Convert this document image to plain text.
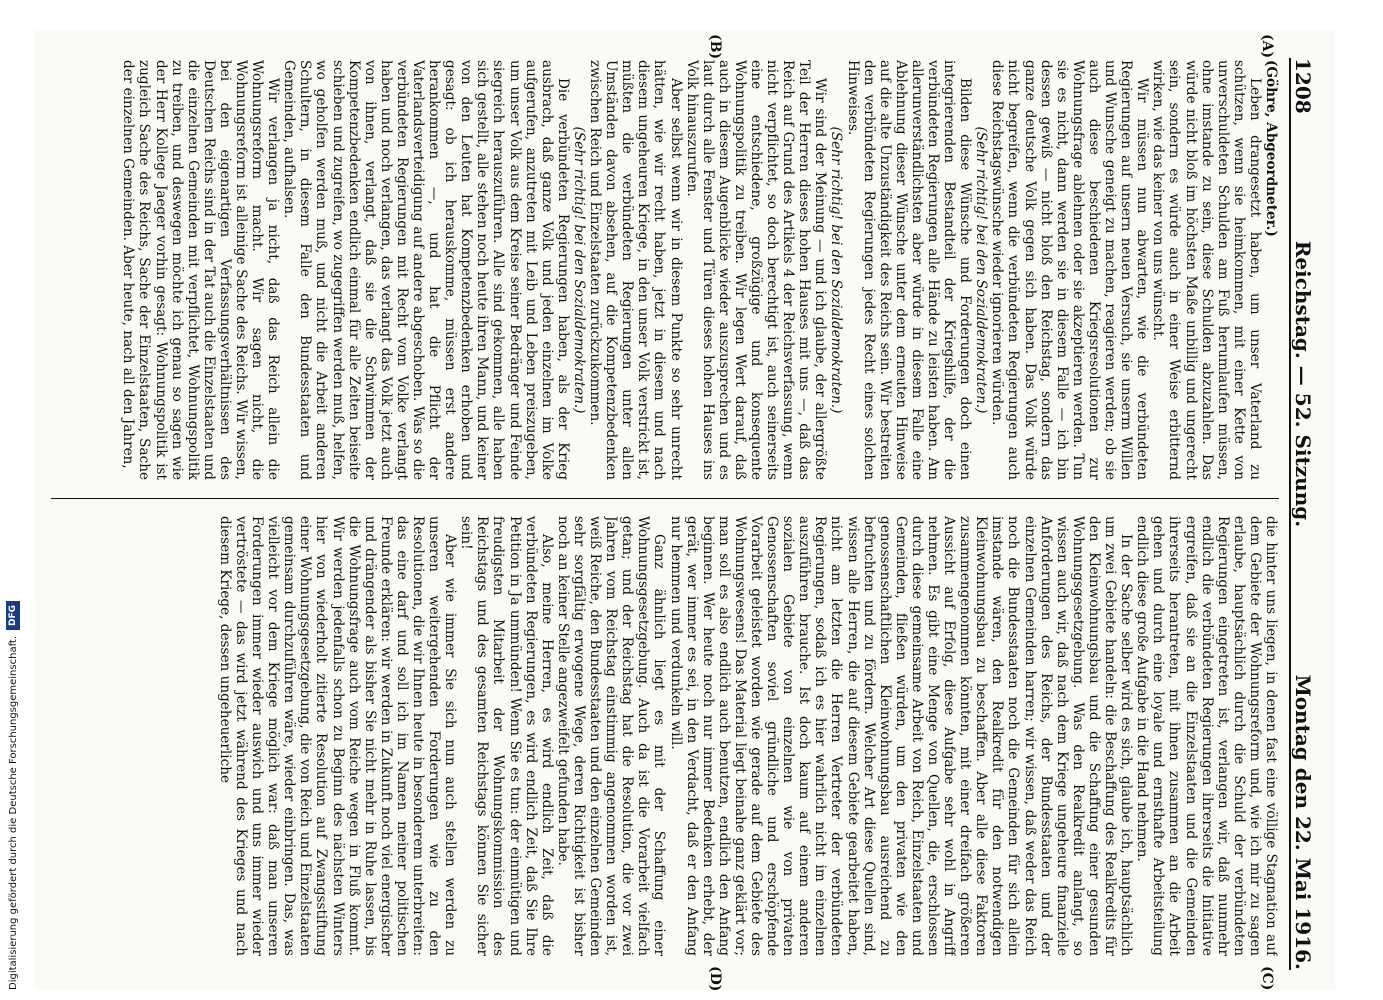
1208
Reichstag. — 52. Sitzung.
Montag den 22. Mai 1916.
(A)
(B)
(C)
(D)

(Göhre, Abgeordneter.)

Leben drangesetzt haben, um unser Vaterland zu schützen, wenn sie heimkommen, mit einer Kette von unverschuldeten Schulden am Fuß herumlaufen müssen, ohne imstande zu sein, diese Schulden abzuzahlen. Das würde nicht bloß im höchsten Maße unbillig und ungerecht sein, sondern es würde auch in einer Weise erbitternd wirken, wie das keiner von uns wünscht.

Wir müssen nun abwarten, wie die verbündeten Regierungen auf unsern neuen Versuch, sie unserm Willen und Wunsche geneigt zu machen, reagieren werden; ob sie auch diese beschiedenen Kriegsresolutionen zur Wohnungsfrage ablehnen oder sie akzeptieren werden. Tun sie es nicht, dann werden sie in diesem Falle — ich bin dessen gewiß — nicht bloß den Reichstag, sondern das ganze deutsche Volk gegen sich haben. Das Volk würde nicht begreifen, wenn die verbündeten Regierungen auch diese Reichstagswünsche wieder ignorieren würden.

(Sehr richtig! bei den Sozialdemokraten.)

Bilden diese Wünsche und Forderungen doch einen integrierenden Bestandteil der Kriegshilfe, der die verbündeten Regierungen alle Hände zu leisten haben. Am allerunverständlichsten aber würde in diesem Falle eine Ablehnung dieser Wünsche unter dem erneuten Hinweise auf die alte Unzuständigkeit des Reichs sein. Wir bestreiten den verbündeten Regierungen jedes Recht eines solchen Hinweises.

(Sehr richtig! bei den Sozialdemokraten.)

Wir sind der Meinung — und ich glaube, der allergrößte Teil der Herren dieses hohen Hauses mit uns —, daß das Reich auf Grund des Artikels 4 der Reichsverfassung, wenn nicht verpflichtet, so doch berechtigt ist, auch seinerseits eine entschiedene, großzügige und konsequente Wohnungspolitik zu treiben. Wir legen Wert darauf, daß auch in diesem Augenblicke wieder auszusprechen und es laut durch alle Fenster und Türen dieses hohen Hauses ins Volk hinauszurufen.

Aber selbst wenn wir in diesem Punkte so sehr unrecht hätten, wie wir recht haben, jetzt in diesem und nach diesem ungeheuren Kriege, in den unser Volk verstrickt ist, müßten die verbündeten Regierungen unter allen Umständen davon absehen, auf die Kompetenzbedenken zwischen Reich und Einzelstaaten zurückzukommen.

(Sehr richtig! bei den Sozialdemokraten.)

Die verbündeten Regierungen haben, als der Krieg ausbrach, daß ganze Volk und jeden einzelnen im Volke aufgerufen, anzutreten mit Leib und Leben preiszugeben, um unser Volk aus dem Kreise seiner Bedränger und Feinde siegreich herauszuführen. Alle sind gekommen, alle haben sich gestellt, alle stehen noch heute ihren Mann, und keiner von den Leuten hat Kompetenzbedenken erhoben und gesagt: ob ich herauskomme, müssen erst andere herankommen —, und hat die Pflicht der Vaterlandsverteidigung auf andere abgeschoben. Was so die verbündeten Regierungen mit Recht vom Volke verlangt haben und noch verlangen, das verlangt das Volk jetzt auch von ihnen, verlangt, daß sie die Schwimmen der Kompetenzbedenken endlich einmal für alle Zeiten beiseite schieben und zugreifen, wo zugegriffen werden muß, helfen, wo geholfen werden muß, und nicht die Arbeit anderen Schultern, in diesem Falle den Bundesstaaten und Gemeinden, aufhalsen.

Wir verlangen ja nicht, daß das Reich allein die Wohnungsreform macht. Wir sagen nicht, die Wohnungsreform ist alleinige Sache des Reichs. Wir wissen, bei den eigenartigen Verfassungsverhältnissen des Deutschen Reichs sind in der Tat auch die Einzelstaaten und die einzelnen Gemeinden mit verpflichtet, Wohnungspolitik zu treiben, und deswegen möchte ich genau so sagen wie der Herr Kollege Jaeger vorhin gesagt: Wohnungspolitik ist zugleich Sache des Reichs, Sache der Einzelstaaten, Sache der einzelnen Gemeinden. Aber heute, nach all den Jahren,

die hinter uns liegen, in denen fast eine völlige Stagnation auf dem Gebiete der Wohnungsreform und, wie ich mir zu sagen erlaube, hauptsächlich durch die Schuld der verbündeten Regierungen eingetreten ist, verlangen wir, daß nunmehr endlich die verbündeten Regierungen ihrerseits die Initiative ergreifen, daß sie an die Einzelstaaten und die Gemeinden ihrerseits herantreten, mit ihnen zusammen an die Arbeit gehen und durch eine loyale und ernsthafte Arbeitsteilung endlich diese große Aufgabe in die Hand nehmen.

In der Sache selber wird es sich, glaube ich, hauptsächlich um zwei Gebiete handeln: die Beschaffung des Realkredits für den Kleinwohnungsbau und die Schaffung einer gesunden Wohnungsgesetzgebung. Was den Realkredit anlangt, so wissen auch wir, daß nach dem Kriege ungeheure finanzielle Anforderungen des Reichs, der Bundesstaaten und der einzelnen Gemeinden harren; wir wissen, daß weder das Reich noch die Bundesstaaten noch die Gemeinden für sich allein imstande wären, den Realkredit für den notwendigen Kleinwohnungsbau zu beschaffen. Aber alle diese Faktoren zusammengenommen könnten, mit einer dreifach größeren Aussicht auf Erfolg, diese Aufgabe sehr wohl in Angriff nehmen. Es gibt eine Menge von Quellen, die, erschlossen durch diese gemeinsame Arbeit von Reich, Einzelstaaten und Gemeinden, fließen würden, um den privaten wie den genossenschaftlichen Kleinwohnungsbau ausreichend zu befruchten und zu fördern. Welcher Art diese Quellen sind, wissen alle Herren, die auf diesem Gebiete gearbeitet haben, nicht am letzten die Herren Vertreter der verbündeten Regierungen, sodaß ich es hier wahrlich nicht im einzelnen auszuführen brauche. Ist doch kaum auf einem anderen sozialen Gebiete von einzelnen wie von privaten Genossenschaften soviel gründliche und erschöpfende Vorarbeit geleistet worden wie gerade auf dem Gebiete des Wohnungswesens! Das Material liegt beinahe ganz geklärt vor; man soll es also endlich auch benutzen, endlich den Anfang beginnen. Wer heute noch nur immer Bedenken erhebt, der gerät, wer immer es sei, in den Verdacht, daß er den Anfang nur hemmen und verdunkeln will.

Ganz ähnlich liegt es mit der Schaffung einer Wohnungsgesetzgebung. Auch da ist die Vorarbeit vielfach getan; und der Reichstag hat die Resolution, die vor zwei Jahren vom Reichstag einstimmig angenommen worden ist, weiß Reiche, den Bundesstaaten und den einzelnen Gemeinden sehr sorgfältig erwogene Wege, deren Richtigkeit ist bisher noch an keiner Stelle angezweifelt gefunden habe.

Also, meine Herren, es wird endlich Zeit, daß die verbündeten Regierungen, es wird endlich Zeit, daß Sie Ihre Petition in Ja ummünden! Wenn Sie es tun: der einmütigen und freudigsten Mitarbeit der Wohnungskommission des Reichstags und des gesamten Reichstags können Sie sicher sein!

Aber wie immer Sie sich nun auch stellen werden zu unseren weitergehenden Forderungen wie zu den Resolutionen, die wir Ihnen heute in besonderem unterbreiten: das eine darf und soll ich im Namen meiner politischen Freunde erklären: wir werden in Zukunft noch viel energischer und drängender als bisher Sie nicht mehr in Ruhe lassen, bis die Wohnungsfrage auch vom Reiche wegen in Fluß kommt. Wir werden jedenfalls schon zu Beginn des nächsten Winters hier von wiederholt zitierte Resolution auf Zwangsstiftung einer Wohnungsgesetzgebung, die von Reich und Einzelstaaten gemeinsam durchzuführen wäre, wieder einbringen. Das, was vielleicht vor dem Kriege möglich war: daß man unseren Forderungen immer wieder auswich und uns immer wieder vertröstete — das wird jetzt während des Krieges und nach diesem Kriege, dessen ungeheuerliche

Digitalisierung gefördert durch die Deutsche Forschungsgemeinschaft.
DFG
